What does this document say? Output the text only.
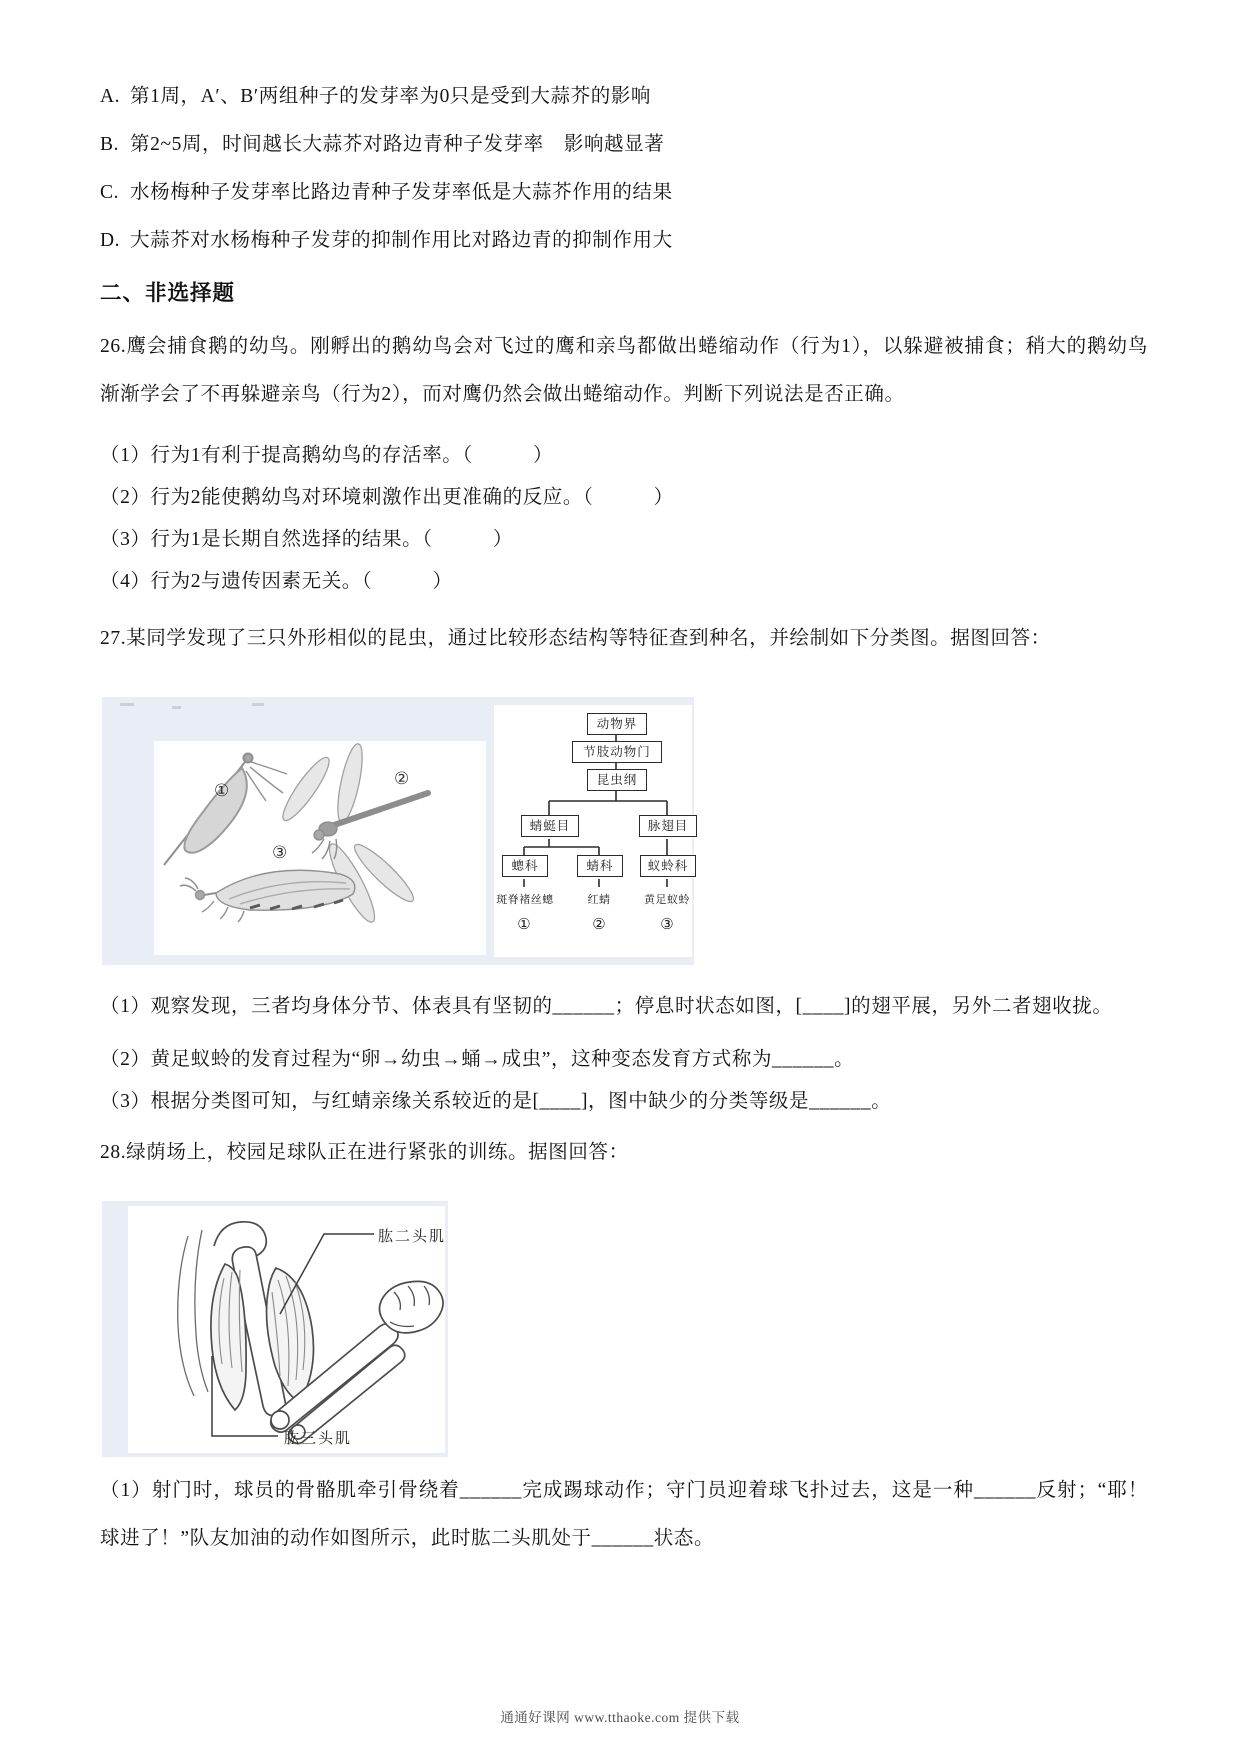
A. 第1周，A′、B′两组种子的发芽率为0只是受到大蒜芥的影响
B. 第2~5周，时间越长大蒜芥对路边青种子发芽率　影响越显著
C. 水杨梅种子发芽率比路边青种子发芽率低是大蒜芥作用的结果
D. 大蒜芥对水杨梅种子发芽的抑制作用比对路边青的抑制作用大
二、非选择题
26.鹰会捕食鹅的幼鸟。刚孵出的鹅幼鸟会对飞过的鹰和亲鸟都做出蜷缩动作（行为1），以躲避被捕食；稍大的鹅幼鸟渐渐学会了不再躲避亲鸟（行为2），而对鹰仍然会做出蜷缩动作。判断下列说法是否正确。
（1）行为1有利于提高鹅幼鸟的存活率。（　　　）
（2）行为2能使鹅幼鸟对环境刺激作出更准确的反应。（　　　）
（3）行为1是长期自然选择的结果。（　　　）
（4）行为2与遗传因素无关。（　　　）
27.某同学发现了三只外形相似的昆虫，通过比较形态结构等特征查到种名，并绘制如下分类图。据图回答：
①
②
③
动物界
节肢动物门
昆虫纲
蜻蜓目	脉翅目
蟌科	蜻科	蚁蛉科
斑脊褚丝蟌	红蜻	黄足蚁蛉
①	②	③
（1）观察发现，三者均身体分节、体表具有坚韧的______；停息时状态如图，[____]的翅平展，另外二者翅收拢。
（2）黄足蚁蛉的发育过程为“卵→幼虫→蛹→成虫”，这种变态发育方式称为______。
（3）根据分类图可知，与红蜻亲缘关系较近的是[____]，图中缺少的分类等级是______。
28.绿荫场上，校园足球队正在进行紧张的训练。据图回答：
肱二头肌
肱三头肌
（1）射门时，球员的骨骼肌牵引骨绕着______完成踢球动作；守门员迎着球飞扑过去，这是一种______反射；“耶！球进了！”队友加油的动作如图所示，此时肱二头肌处于______状态。
通通好课网 www.tthaoke.com 提供下载
